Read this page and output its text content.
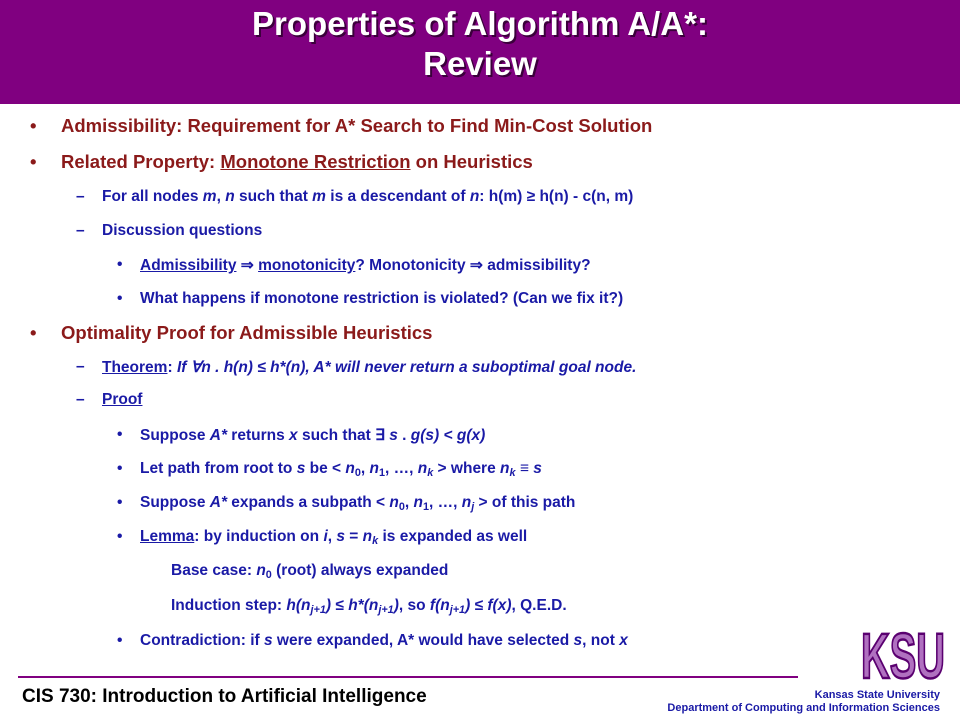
Properties of Algorithm A/A*:
Review
• Admissibility: Requirement for A* Search to Find Min-Cost Solution
• Related Property: Monotone Restriction on Heuristics
– For all nodes m, n such that m is a descendant of n: h(m) ≥ h(n) - c(n, m)
– Discussion questions
• Admissibility ⇒ monotonicity? Monotonicity ⇒ admissibility?
• What happens if monotone restriction is violated? (Can we fix it?)
• Optimality Proof for Admissible Heuristics
– Theorem: If ∀n . h(n) ≤ h*(n), A* will never return a suboptimal goal node.
– Proof
• Suppose A* returns x such that ∃ s . g(s) < g(x)
• Let path from root to s be < $n_0$, $n_1$, …, $n_k$ > where $n_k \equiv s$
• Suppose A* expands a subpath < $n_0$, $n_1$, …, $n_j$ > of this path
• Lemma: by induction on i, $s = n_k$ is expanded as well
Base case: $n_0$ (root) always expanded
Induction step: $h(n_{j+1}) \le h*(n_{j+1})$, so $f(n_{j+1}) \le f(x)$, Q.E.D.
• Contradiction: if s were expanded, A* would have selected s, not x
CIS 730: Introduction to Artificial Intelligence	Kansas State University
Department of Computing and Information Sciences
KSU
